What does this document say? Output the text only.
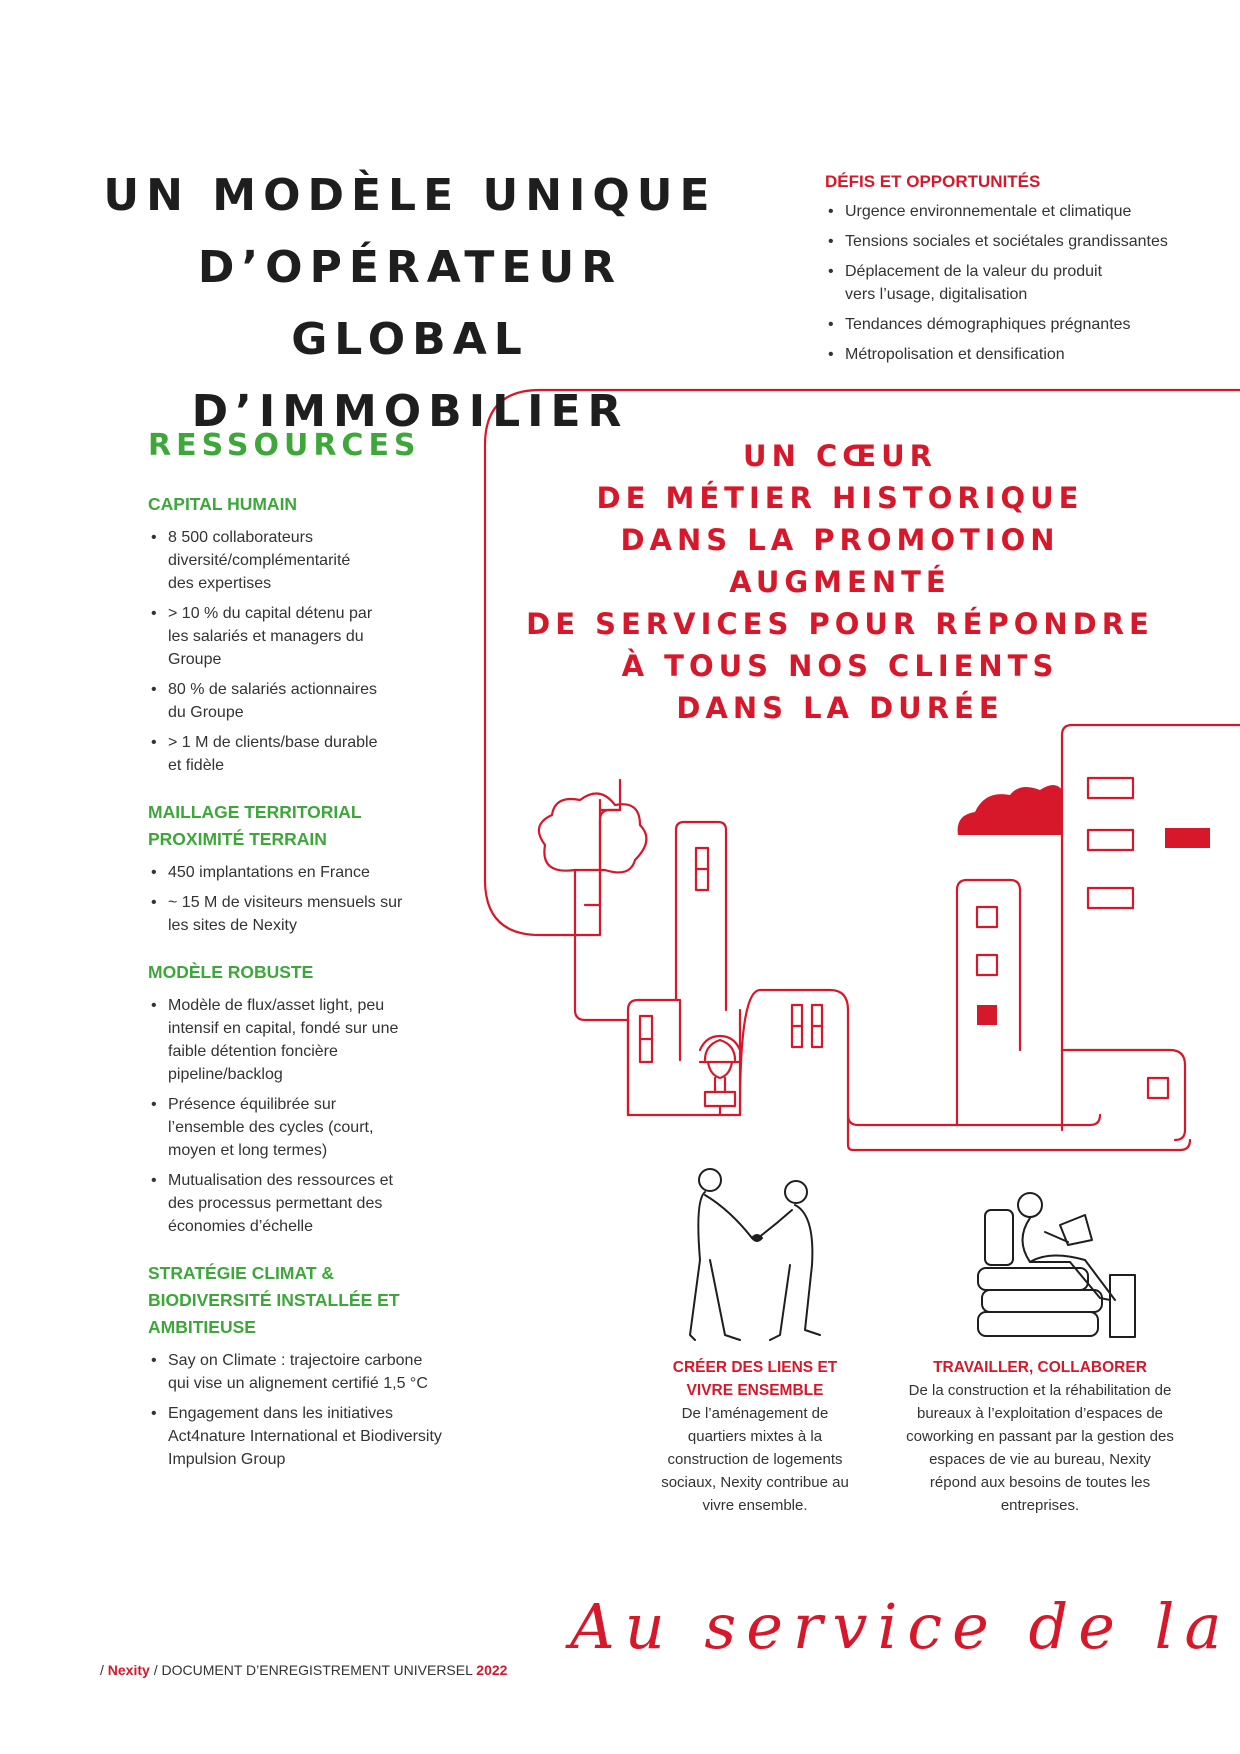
UN MODÈLE UNIQUE
D’OPÉRATEUR GLOBAL
D’IMMOBILIER
DÉFIS ET OPPORTUNITÉS
• Urgence environnementale et climatique
• Tensions sociales et sociétales grandissantes
• Déplacement de la valeur du produit vers l’usage, digitalisation
• Tendances démographiques prégnantes
• Métropolisation et densification
RESSOURCES
CAPITAL HUMAIN
• 8 500 collaborateurs diversité/complémentarité des expertises
• > 10 % du capital détenu par les salariés et managers du Groupe
• 80 % de salariés actionnaires du Groupe
• > 1 M de clients/base durable et fidèle
MAILLAGE TERRITORIAL PROXIMITÉ TERRAIN
• 450 implantations en France
• ~ 15 M de visiteurs mensuels sur les sites de Nexity
MODÈLE ROBUSTE
• Modèle de flux/asset light, peu intensif en capital, fondé sur une faible détention foncière pipeline/backlog
• Présence équilibrée sur l’ensemble des cycles (court, moyen et long termes)
• Mutualisation des ressources et des processus permettant des économies d’échelle
STRATÉGIE CLIMAT & BIODIVERSITÉ INSTALLÉE ET AMBITIEUSE
• Say on Climate : trajectoire carbone qui vise un alignement certifié 1,5 °C
• Engagement dans les initiatives Act4nature International et Biodiversity Impulsion Group
UN CŒUR
DE MÉTIER HISTORIQUE
DANS LA PROMOTION AUGMENTÉ
DE SERVICES POUR RÉPONDRE
À TOUS NOS CLIENTS
DANS LA DURÉE
CRÉER DES LIENS ET VIVRE ENSEMBLE
De l’aménagement de quartiers mixtes à la construction de logements sociaux, Nexity contribue au vivre ensemble.
TRAVAILLER, COLLABORER
De la construction et la réhabilitation de bureaux à l’exploitation d’espaces de coworking en passant par la gestion des espaces de vie au bureau, Nexity répond aux besoins de toutes les entreprises.
Au service de la
/ Nexity / DOCUMENT D’ENREGISTREMENT UNIVERSEL 2022
